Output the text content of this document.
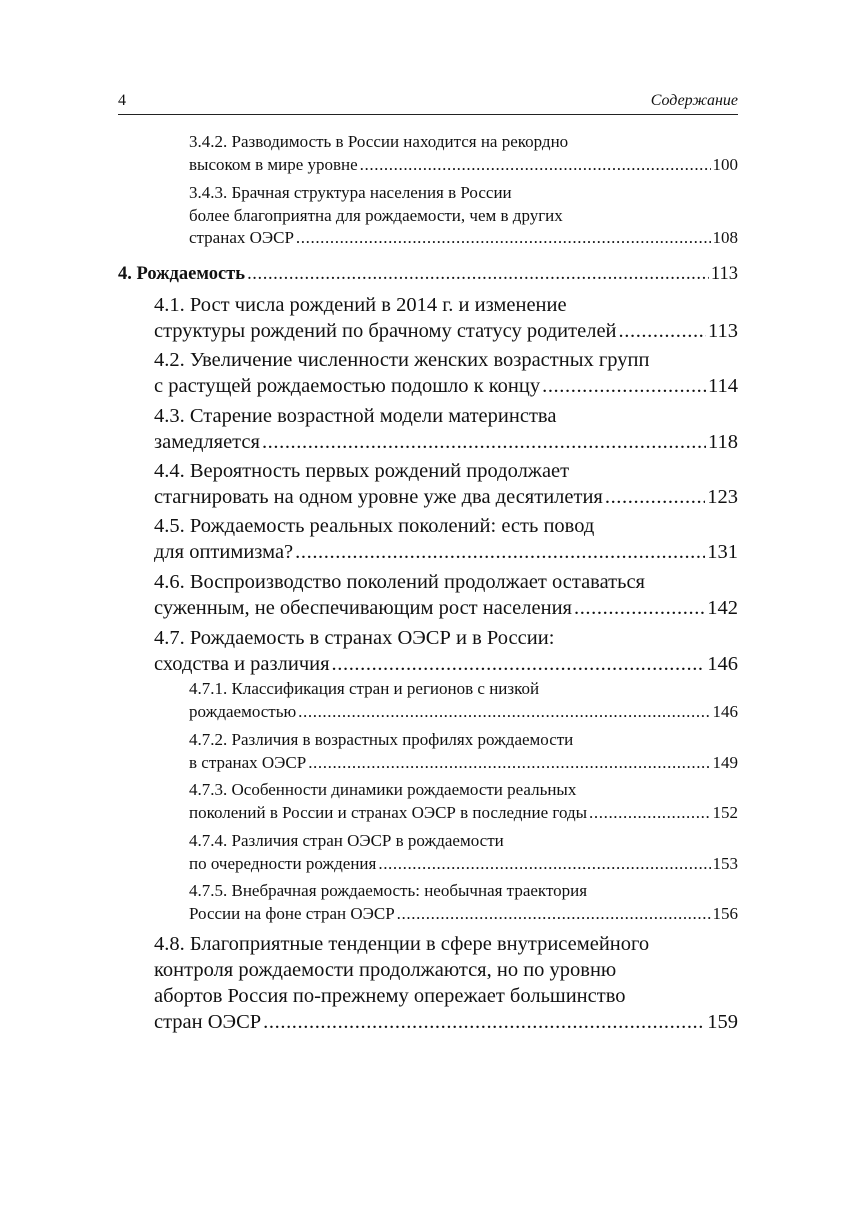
4	Содержание
3.4.2. Разводимость в России находится на рекордно
высоком в мире уровне .....	100
3.4.3. Брачная структура населения в России
более благоприятна для рождаемости, чем в других
странах ОЭСР .....	108
4. Рождаемость .....	113
4.1. Рост числа рождений в 2014 г. и изменение
структуры рождений по брачному статусу родителей .....	113
4.2. Увеличение численности женских возрастных групп
с растущей рождаемостью подошло к концу .....	114
4.3. Старение возрастной модели материнства
замедляется .....	118
4.4. Вероятность первых рождений продолжает
стагнировать на одном уровне уже два десятилетия .....	123
4.5. Рождаемость реальных поколений: есть повод
для оптимизма? .....	131
4.6. Воспроизводство поколений продолжает оставаться
суженным, не обеспечивающим рост населения .....	142
4.7. Рождаемость в странах ОЭСР и в России:
сходства и различия .....	146
4.7.1. Классификация стран и регионов с низкой
рождаемостью .....	146
4.7.2. Различия в возрастных профилях рождаемости
в странах ОЭСР .....	149
4.7.3. Особенности динамики рождаемости реальных
поколений в России и странах ОЭСР в последние годы .....	152
4.7.4. Различия стран ОЭСР в рождаемости
по очередности рождения .....	153
4.7.5. Внебрачная рождаемость: необычная траектория
России на фоне стран ОЭСР .....	156
4.8. Благоприятные тенденции в сфере внутрисемейного
контроля рождаемости продолжаются, но по уровню
абортов Россия по-прежнему опережает большинство
стран ОЭСР .....	159
